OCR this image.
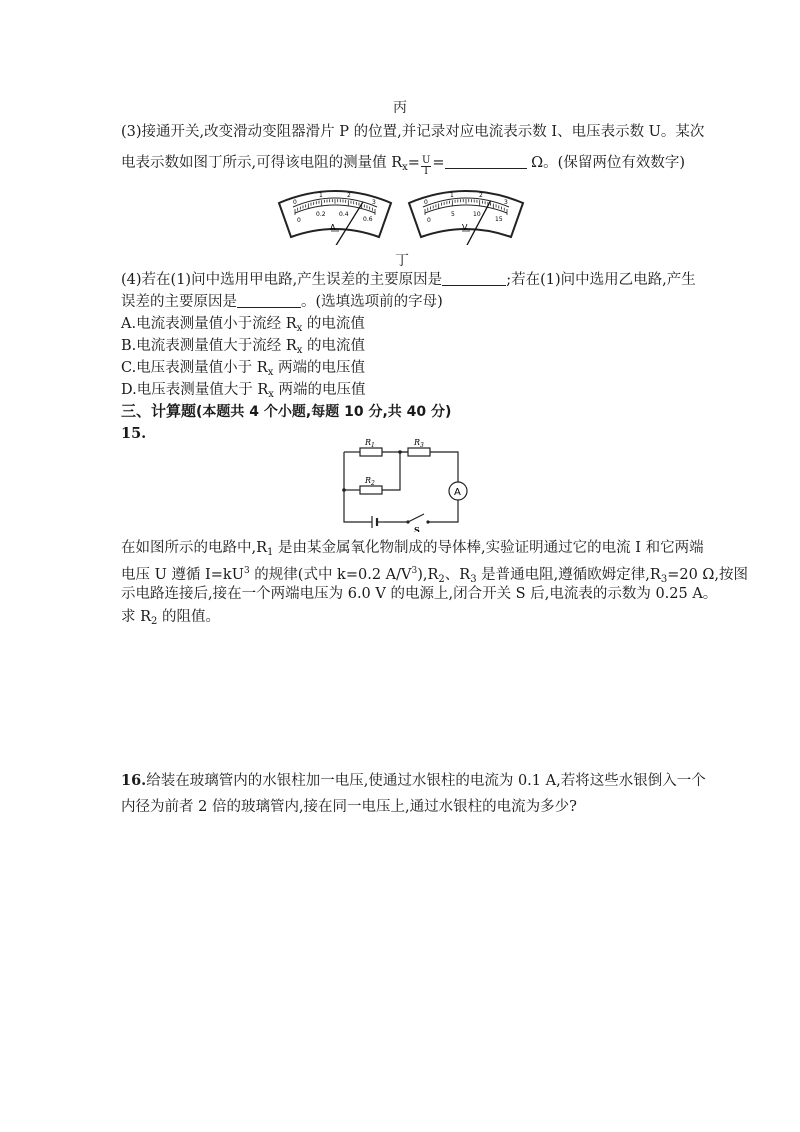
丙
(3)接通开关,改变滑动变阻器滑片 P 的位置,并记录对应电流表示数 I、电压表示数 U。某次
电表示数如图丁所示,可得该电阻的测量值 $R_x= \frac{U}{I}$ =	Ω。(保留两位有效数字)
0
1	2
3
0
0.2 0.4
0.6
A
0
1	2
3
0
5	10
15
V
丁
(4)若在(1)问中选用甲电路,产生误差的主要原因是	;若在(1)问中选用乙电路,产生
误差的主要原因是	。(选填选项前的字母)
A.电流表测量值小于流经 $R_x$ 的电流值
B.电流表测量值大于流经 $R_x$ 的电流值
C.电压表测量值小于 $R_x$ 两端的电压值
D.电压表测量值大于 $R_x$ 两端的电压值
三、计算题(本题共 4 个小题,每题 10 分,共 40 分)
15.
A
S
$R_1$
$R_2$
$R_3$
在如图所示的电路中$,R_1$ 是由某金属氧化物制成的导体棒,实验证明通过它的电流 I 和它两端
电压 U 遵循 $I=kU^3$ 的规律(式中 k=0.2 $A/V^3),R_2$、$R_3$ 是普通电阻,遵循欧姆定律$,R_3=20$ Ω,按图
示电路连接后,接在一个两端电压为 6.0 V 的电源上,闭合开关 S 后,电流表的示数为 0.25 A。
求 $R_2$ 的阻值。
16.给装在玻璃管内的水银柱加一电压,使通过水银柱的电流为 0.1 A,若将这些水银倒入一个
内径为前者 2 倍的玻璃管内,接在同一电压上,通过水银柱的电流为多少?
